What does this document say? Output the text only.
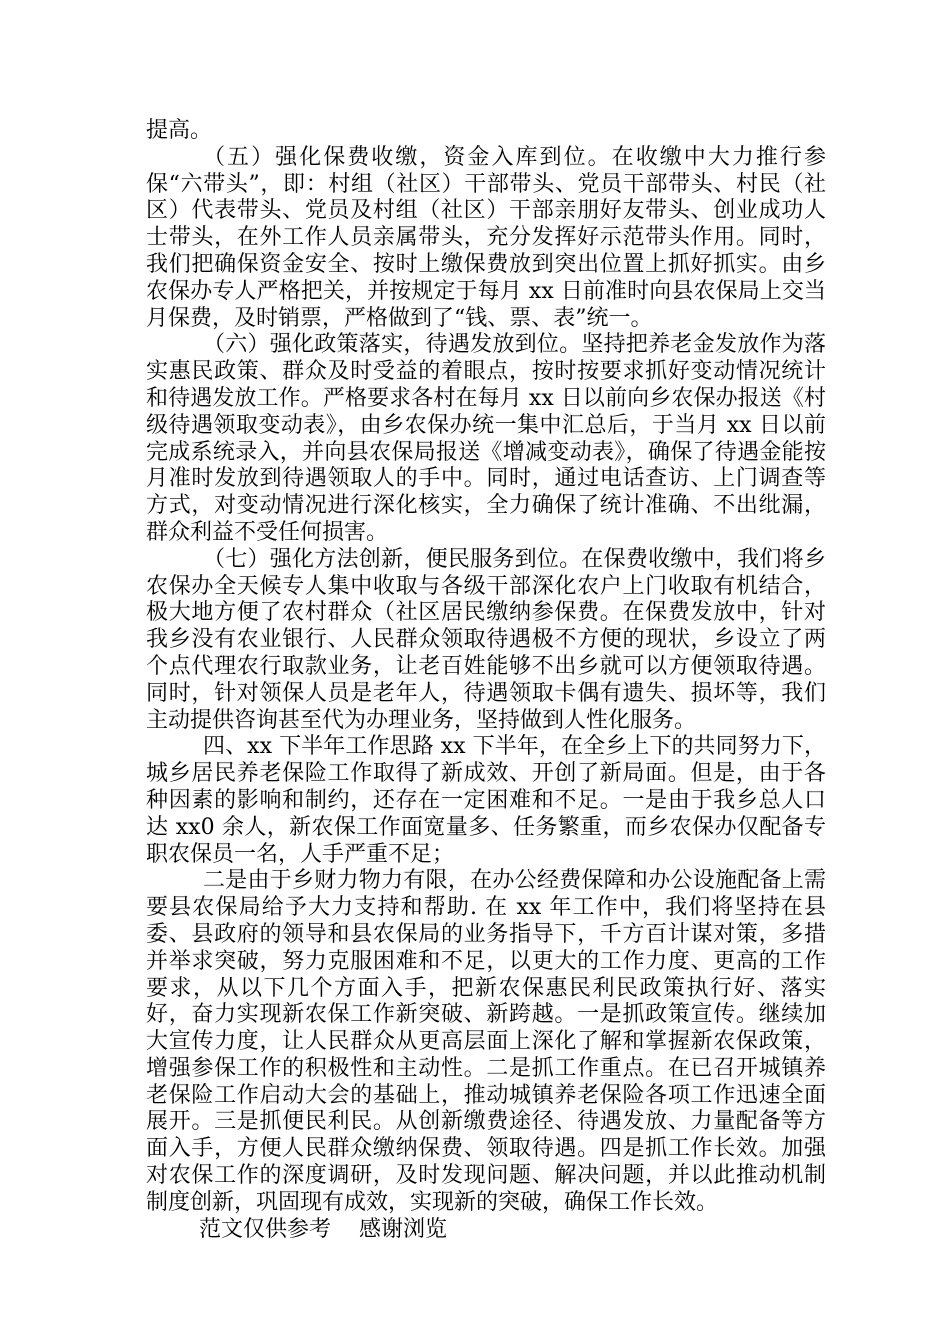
提高。

（五）强化保费收缴，资金入库到位。在收缴中大力推行参保“六带头”，即：村组（社区）干部带头、党员干部带头、村民（社区）代表带头、党员及村组（社区）干部亲朋好友带头、创业成功人士带头，在外工作人员亲属带头，充分发挥好示范带头作用。同时，我们把确保资金安全、按时上缴保费放到突出位置上抓好抓实。由乡农保办专人严格把关，并按规定于每月 xx 日前准时向县农保局上交当月保费，及时销票，严格做到了“钱、票、表”统一。

（六）强化政策落实，待遇发放到位。坚持把养老金发放作为落实惠民政策、群众及时受益的着眼点，按时按要求抓好变动情况统计和待遇发放工作。严格要求各村在每月 xx 日以前向乡农保办报送《村级待遇领取变动表》，由乡农保办统一集中汇总后，于当月 xx 日以前完成系统录入，并向县农保局报送《增减变动表》，确保了待遇金能按月准时发放到待遇领取人的手中。同时，通过电话查访、上门调查等方式，对变动情况进行深化核实，全力确保了统计准确、不出纰漏，群众利益不受任何损害。

（七）强化方法创新，便民服务到位。在保费收缴中，我们将乡农保办全天候专人集中收取与各级干部深化农户上门收取有机结合，极大地方便了农村群众（社区居民缴纳参保费。在保费发放中，针对我乡没有农业银行、人民群众领取待遇极不方便的现状，乡设立了两个点代理农行取款业务，让老百姓能够不出乡就可以方便领取待遇。同时，针对领保人员是老年人，待遇领取卡偶有遗失、损坏等，我们主动提供咨询甚至代为办理业务，坚持做到人性化服务。

四、xx 下半年工作思路 xx 下半年，在全乡上下的共同努力下，城乡居民养老保险工作取得了新成效、开创了新局面。但是，由于各种因素的影响和制约，还存在一定困难和不足。一是由于我乡总人口达 xx0 余人，新农保工作面宽量多、任务繁重，而乡农保办仅配备专职农保员一名，人手严重不足；

二是由于乡财力物力有限，在办公经费保障和办公设施配备上需要县农保局给予大力支持和帮助. 在 xx 年工作中，我们将坚持在县委、县政府的领导和县农保局的业务指导下，千方百计谋对策，多措并举求突破，努力克服困难和不足，以更大的工作力度、更高的工作要求，从以下几个方面入手，把新农保惠民利民政策执行好、落实好，奋力实现新农保工作新突破、新跨越。一是抓政策宣传。继续加大宣传力度，让人民群众从更高层面上深化了解和掌握新农保政策，增强参保工作的积极性和主动性。二是抓工作重点。在已召开城镇养老保险工作启动大会的基础上，推动城镇养老保险各项工作迅速全面展开。三是抓便民利民。从创新缴费途径、待遇发放、力量配备等方面入手，方便人民群众缴纳保费、领取待遇。四是抓工作长效。加强对农保工作的深度调研，及时发现问题、解决问题，并以此推动机制制度创新，巩固现有成效，实现新的突破，确保工作长效。

范文仅供参考    感谢浏览
